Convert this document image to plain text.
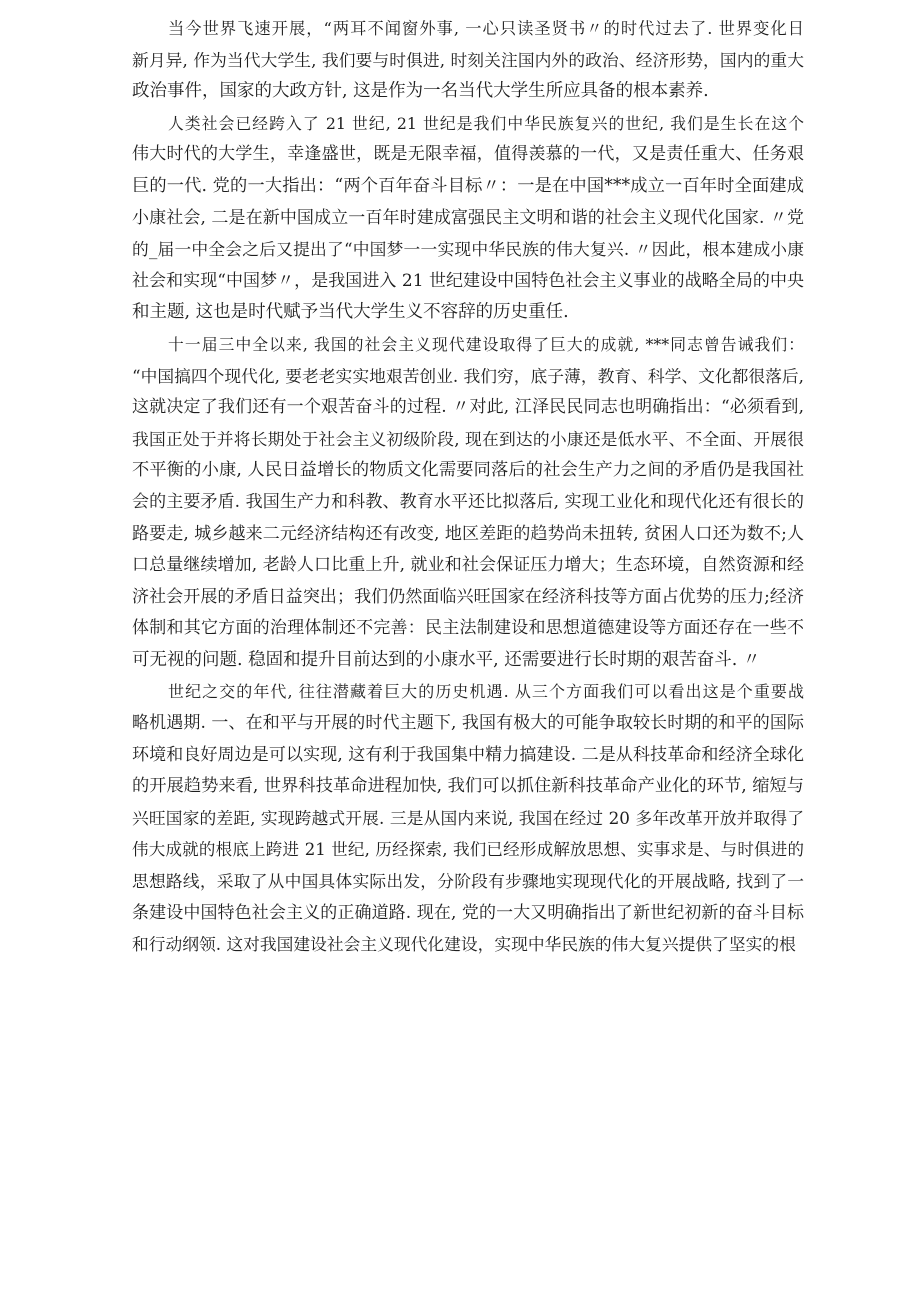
当今世界飞速开展，“两耳不闻窗外事, 一心只读圣贤书〃的时代过去了. 世界变化日
新月异, 作为当代大学生, 我们要与时俱进, 时刻关注国内外的政治、经济形势，国内的重大
政治事件，国家的大政方针, 这是作为一名当代大学生所应具备的根本素养.

人类社会已经跨入了 21 世纪, 21 世纪是我们中华民族复兴的世纪, 我们是生长在这个
伟大时代的大学生，幸逢盛世，既是无限幸福，值得羡慕的一代，又是责任重大、任务艰
巨的一代. 党的一大指出：“两个百年奋斗目标〃：一是在中国***成立一百年时全面建成
小康社会, 二是在新中国成立一百年时建成富强民主文明和谐的社会主义现代化国家. 〃党
的_届一中全会之后又提出了“中国梦一一实现中华民族的伟大复兴. 〃因此，根本建成小康
社会和实现“中国梦〃，是我国进入 21 世纪建设中国特色社会主义事业的战略全局的中央
和主题, 这也是时代赋予当代大学生义不容辞的历史重任.

十一届三中全以来, 我国的社会主义现代建设取得了巨大的成就, ***同志曾告诫我们：
“中国搞四个现代化, 要老老实实地艰苦创业. 我们穷，底子薄，教育、科学、文化都很落后,
这就决定了我们还有一个艰苦奋斗的过程. 〃对此, 江泽民民同志也明确指出：“必须看到,
我国正处于并将长期处于社会主义初级阶段, 现在到达的小康还是低水平、不全面、开展很
不平衡的小康, 人民日益增长的物质文化需要同落后的社会生产力之间的矛盾仍是我国社
会的主要矛盾. 我国生产力和科教、教育水平还比拟落后, 实现工业化和现代化还有很长的
路要走, 城乡越来二元经济结构还有改变, 地区差距的趋势尚未扭转, 贫困人口还为数不;人
口总量继续增加, 老龄人口比重上升, 就业和社会保证压力增大；生态环境，自然资源和经
济社会开展的矛盾日益突出；我们仍然面临兴旺国家在经济科技等方面占优势的压力;经济
体制和其它方面的治理体制还不完善：民主法制建设和思想道德建设等方面还存在一些不
可无视的问题. 稳固和提升目前达到的小康水平, 还需要进行长时期的艰苦奋斗. 〃

世纪之交的年代, 往往潜藏着巨大的历史机遇. 从三个方面我们可以看出这是个重要战
略机遇期. 一、在和平与开展的时代主题下, 我国有极大的可能争取较长时期的和平的国际
环境和良好周边是可以实现, 这有利于我国集中精力搞建设. 二是从科技革命和经济全球化
的开展趋势来看, 世界科技革命进程加快, 我们可以抓住新科技革命产业化的环节, 缩短与
兴旺国家的差距, 实现跨越式开展. 三是从国内来说, 我国在经过 20 多年改革开放并取得了
伟大成就的根底上跨进 21 世纪, 历经探索, 我们已经形成解放思想、实事求是、与时俱进的
思想路线，采取了从中国具体实际出发，分阶段有步骤地实现现代化的开展战略, 找到了一
条建设中国特色社会主义的正确道路. 现在, 党的一大又明确指出了新世纪初新的奋斗目标
和行动纲领. 这对我国建设社会主义现代化建设，实现中华民族的伟大复兴提供了坚实的根
